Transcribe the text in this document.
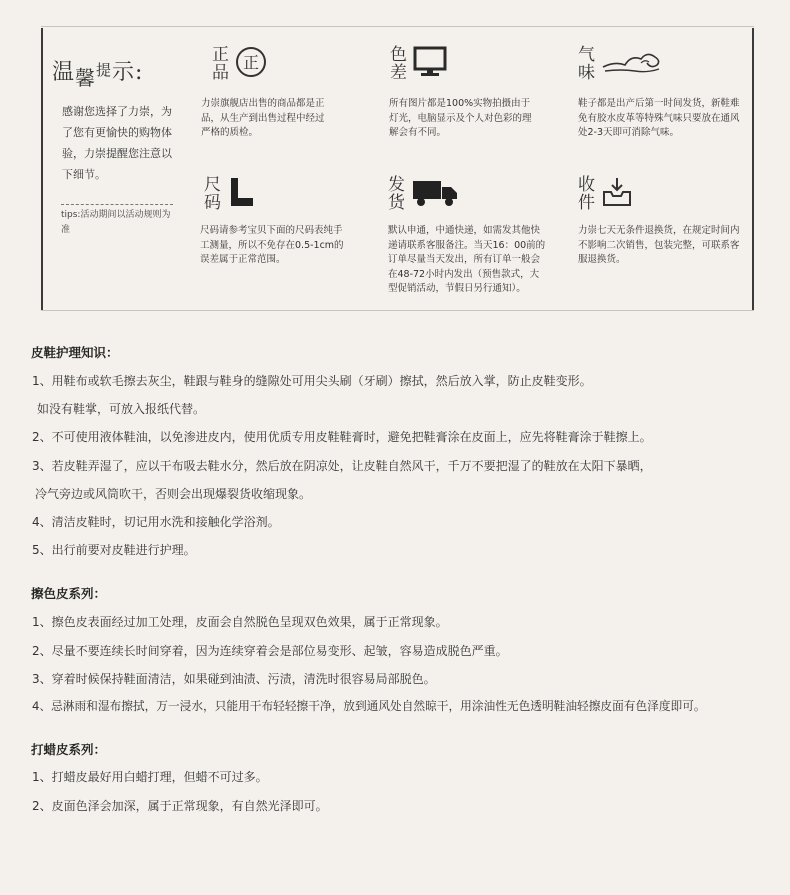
温馨提示:
感谢您选择了力崇，为了您有更愉快的购物体验，力崇提醒您注意以下细节。
tips:活动期间以活动规则为准
正
品
正
力崇旗舰店出售的商品都是正品，从生产到出售过程中经过严格的质检。
色
差
所有图片都是100%实物拍摄由于灯光，电脑显示及个人对色彩的理解会有不同。
气
味
鞋子都是出产后第一时间发货，新鞋难免有胶水皮革等特殊气味只要放在通风处2-3天即可消除气味。
尺
码
尺码请参考宝贝下面的尺码表纯手工测量，所以不免存在0.5-1cm的误差属于正常范围。
发
货
默认申通，中通快递，如需发其他快递请联系客服备注。当天16：00前的订单尽量当天发出，所有订单一般会在48-72小时内发出（预售款式，大型促销活动，节假日另行通知）。
收
件
力崇七天无条件退换货，在规定时间内不影响二次销售，包装完整，可联系客服退换货。
皮鞋护理知识：
1、用鞋布或软毛擦去灰尘，鞋跟与鞋身的缝隙处可用尖头刷（牙刷）擦拭，然后放入掌，防止皮鞋变形。
如没有鞋掌，可放入报纸代替。
2、不可使用液体鞋油，以免渗进皮内，使用优质专用皮鞋鞋膏时，避免把鞋膏涂在皮面上，应先将鞋膏涂于鞋擦上。
3、若皮鞋弄湿了，应以干布吸去鞋水分，然后放在阴凉处，让皮鞋自然风干，千万不要把湿了的鞋放在太阳下暴晒，
冷气旁边或风筒吹干，否则会出现爆裂货收缩现象。
4、清洁皮鞋时，切记用水洗和接触化学浴剂。
5、出行前要对皮鞋进行护理。
擦色皮系列：
1、擦色皮表面经过加工处理，皮面会自然脱色呈现双色效果，属于正常现象。
2、尽量不要连续长时间穿着，因为连续穿着会是部位易变形、起皱，容易造成脱色严重。
3、穿着时候保持鞋面清洁，如果碰到油渍、污渍，清洗时很容易局部脱色。
4、忌淋雨和湿布擦拭，万一浸水，只能用干布轻轻擦干净，放到通风处自然晾干，用涂油性无色透明鞋油轻擦皮面有色泽度即可。
打蜡皮系列：
1、打蜡皮最好用白蜡打理，但蜡不可过多。
2、皮面色泽会加深，属于正常现象，有自然光泽即可。
